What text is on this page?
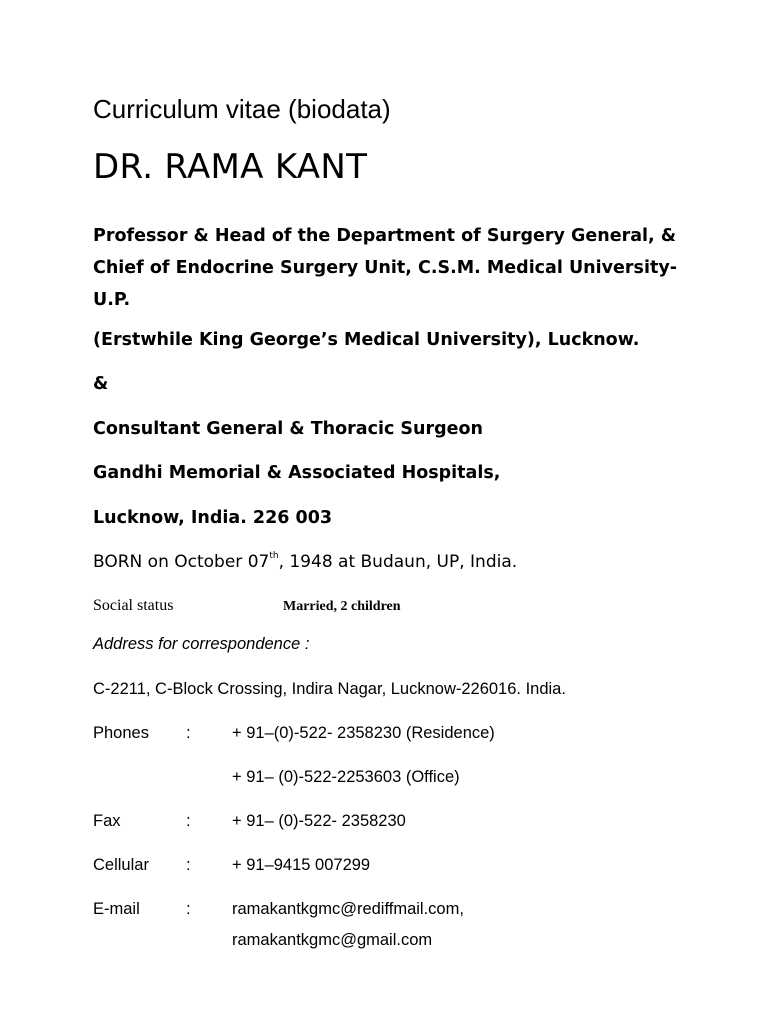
Curriculum vitae (biodata)
DR. RAMA KANT
Professor & Head of the Department of Surgery General, & Chief of Endocrine Surgery Unit, C.S.M. Medical University-U.P.
(Erstwhile King George’s Medical University), Lucknow.
&
Consultant General & Thoracic Surgeon
Gandhi Memorial & Associated Hospitals,
Lucknow, India. 226 003
BORN on October 07th, 1948 at Budaun, UP, India.
Social status	Married, 2 children
Address for correspondence :
C-2211, C-Block Crossing, Indira Nagar, Lucknow-226016. India.
Phones :	+ 91–(0)-522- 2358230 (Residence)
+ 91– (0)-522-2253603 (Office)
Fax	:	+ 91– (0)-522- 2358230
Cellular :	+ 91–9415 007299
E-mail	:	ramakantkgmc@rediffmail.com,
ramakantkgmc@gmail.com
